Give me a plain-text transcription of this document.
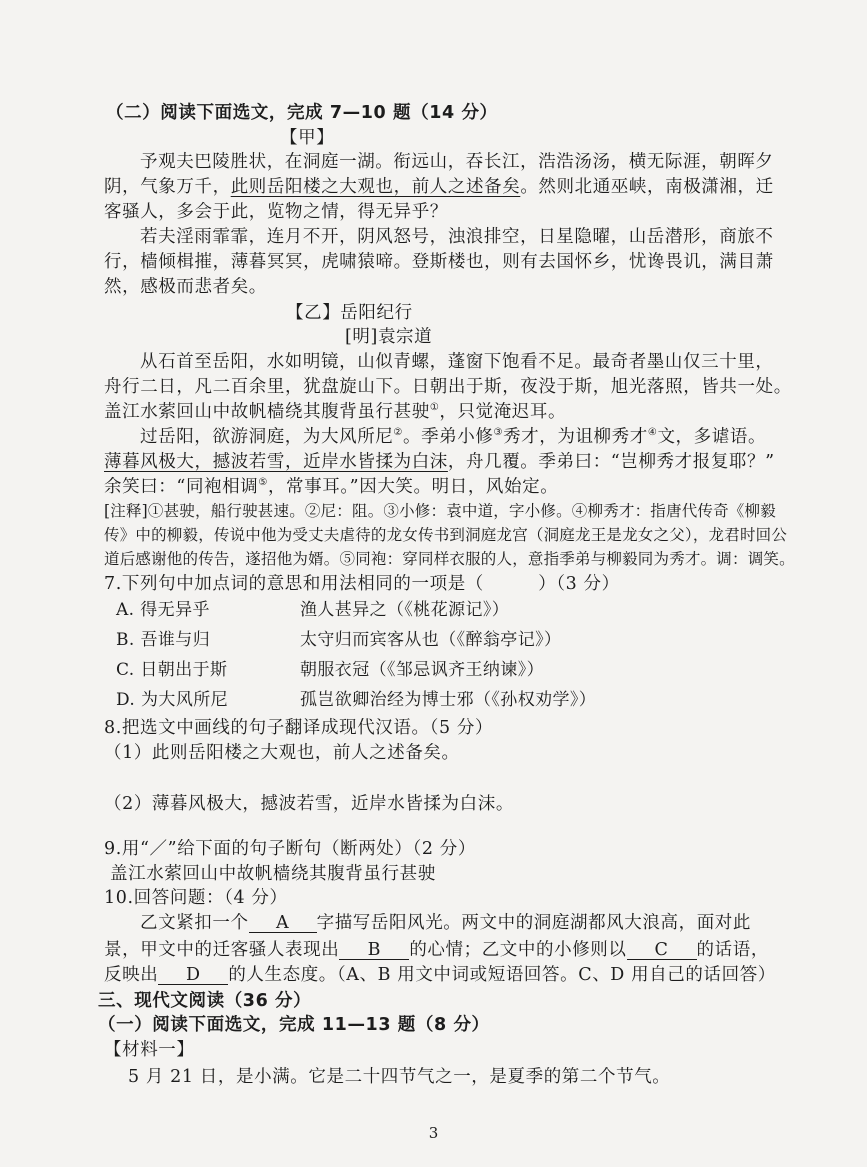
（二）阅读下面选文，完成 7—10 题（14 分）
【甲】
予观夫巴陵胜状，在洞庭一湖。衔远山，吞长江，浩浩汤汤，横无际涯，朝晖夕
阴，气象万千，此则岳阳楼之大观也，前人之述备矣。然则北通巫峡，南极潇湘，迁
客骚人，多会于此，览物之情，得无异乎？
若夫淫雨霏霏，连月不开，阴风怒号，浊浪排空，日星隐曜，山岳潜形，商旅不
行，樯倾楫摧，薄暮冥冥，虎啸猿啼。登斯楼也，则有去国怀乡，忧谗畏讥，满目萧
然，感极而悲者矣。
【乙】岳阳纪行
[明]袁宗道
从石首至岳阳，水如明镜，山似青螺，蓬窗下饱看不足。最奇者墨山仅三十里，
舟行二日，凡二百余里，犹盘旋山下。日朝出于斯，夜没于斯，旭光落照，皆共一处。
盖江水萦回山中故帆樯绕其腹背虽行甚驶①，只觉淹迟耳。
过岳阳，欲游洞庭，为大风所尼②。季弟小修③秀才，为诅柳秀才④文，多谑语。
薄暮风极大，撼波若雪，近岸水皆揉为白沫，舟几覆。季弟曰：“岂柳秀才报复耶？”
余笑曰：“同袍相调⑤，常事耳。”因大笑。明日，风始定。
[注释]①甚驶，船行驶甚速。②尼：阻。③小修：袁中道，字小修。④柳秀才：指唐代传奇《柳毅
传》中的柳毅，传说中他为受丈夫虐待的龙女传书到洞庭龙宫（洞庭龙王是龙女之父），龙君时回公
道后感谢他的传告，遂招他为婿。⑤同袍：穿同样衣服的人，意指季弟与柳毅同为秀才。调：调笑。
7.下列句中加点词的意思和用法相同的一项是（　　　）（3 分）
A. 得无异乎	渔人甚异之（《桃花源记》）
B. 吾谁与归	太守归而宾客从也（《醉翁亭记》）
C. 日朝出于斯	朝服衣冠（《邹忌讽齐王纳谏》）
D. 为大风所尼	孤岂欲卿治经为博士邪（《孙权劝学》）
8.把选文中画线的句子翻译成现代汉语。（5 分）
（1）此则岳阳楼之大观也，前人之述备矣。
（2）薄暮风极大，撼波若雪，近岸水皆揉为白沫。
9.用“／”给下面的句子断句（断两处）（2 分）
盖江水萦回山中故帆樯绕其腹背虽行甚驶
10.回答问题：（4 分）
乙文紧扣一个 A 字描写岳阳风光。两文中的洞庭湖都风大浪高，面对此
景，甲文中的迁客骚人表现出 B 的心情；乙文中的小修则以 C 的话语，
反映出 D 的人生态度。（A、B 用文中词或短语回答。C、D 用自己的话回答）
三、现代文阅读（36 分）
（一）阅读下面选文，完成 11—13 题（8 分）
【材料一】
5 月 21 日，是小满。它是二十四节气之一，是夏季的第二个节气。
3
